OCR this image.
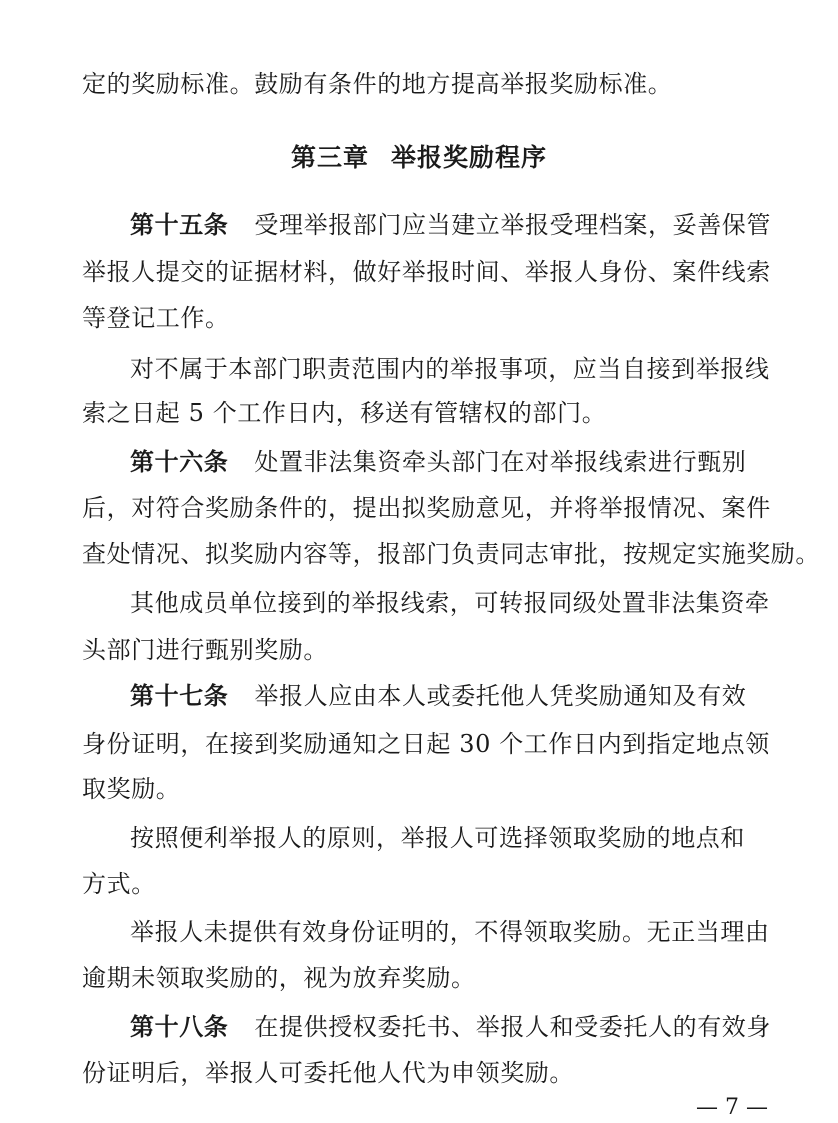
定的奖励标准。鼓励有条件的地方提高举报奖励标准。
第三章 举报奖励程序
第十五条 受理举报部门应当建立举报受理档案，妥善保管
举报人提交的证据材料，做好举报时间、举报人身份、案件线索
等登记工作。
对不属于本部门职责范围内的举报事项，应当自接到举报线
索之日起 5 个工作日内，移送有管辖权的部门。
第十六条 处置非法集资牵头部门在对举报线索进行甄别
后，对符合奖励条件的，提出拟奖励意见，并将举报情况、案件
查处情况、拟奖励内容等，报部门负责同志审批，按规定实施奖励。
其他成员单位接到的举报线索，可转报同级处置非法集资牵
头部门进行甄别奖励。
第十七条 举报人应由本人或委托他人凭奖励通知及有效
身份证明，在接到奖励通知之日起 30 个工作日内到指定地点领
取奖励。
按照便利举报人的原则，举报人可选择领取奖励的地点和
方式。
举报人未提供有效身份证明的，不得领取奖励。无正当理由
逾期未领取奖励的，视为放弃奖励。
第十八条 在提供授权委托书、举报人和受委托人的有效身
份证明后，举报人可委托他人代为申领奖励。
— 7 —
